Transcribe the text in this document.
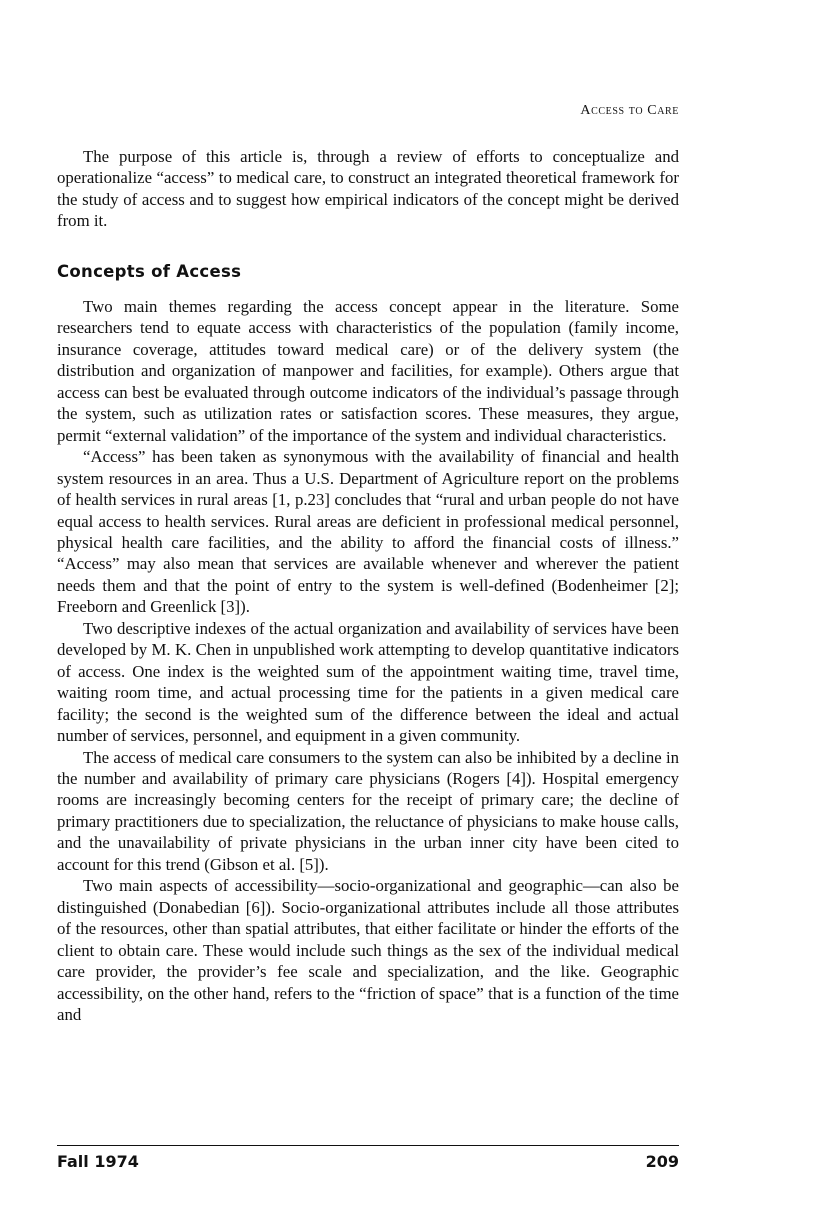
Access to Care

The purpose of this article is, through a review of efforts to conceptualize and operationalize “access” to medical care, to construct an integrated theoretical framework for the study of access and to suggest how empirical indicators of the concept might be derived from it.

Concepts of Access

Two main themes regarding the access concept appear in the literature. Some researchers tend to equate access with characteristics of the population (family income, insurance coverage, attitudes toward medical care) or of the delivery system (the distribution and organization of manpower and facilities, for example). Others argue that access can best be evaluated through outcome indicators of the individual’s passage through the system, such as utilization rates or satisfaction scores. These measures, they argue, permit “external validation” of the importance of the system and individual characteristics.

“Access” has been taken as synonymous with the availability of financial and health system resources in an area. Thus a U.S. Department of Agriculture report on the problems of health services in rural areas [1, p.23] concludes that “rural and urban people do not have equal access to health services. Rural areas are deficient in professional medical personnel, physical health care facilities, and the ability to afford the financial costs of illness.” “Access” may also mean that services are available whenever and wherever the patient needs them and that the point of entry to the system is well-defined (Bodenheimer [2]; Freeborn and Greenlick [3]).

Two descriptive indexes of the actual organization and availability of services have been developed by M. K. Chen in unpublished work attempting to develop quantitative indicators of access. One index is the weighted sum of the appointment waiting time, travel time, waiting room time, and actual processing time for the patients in a given medical care facility; the second is the weighted sum of the difference between the ideal and actual number of services, personnel, and equipment in a given community.

The access of medical care consumers to the system can also be inhibited by a decline in the number and availability of primary care physicians (Rogers [4]). Hospital emergency rooms are increasingly becoming centers for the receipt of primary care; the decline of primary practitioners due to specialization, the reluctance of physicians to make house calls, and the unavailability of private physicians in the urban inner city have been cited to account for this trend (Gibson et al. [5]).

Two main aspects of accessibility—socio-organizational and geographic—can also be distinguished (Donabedian [6]). Socio-organizational attributes include all those attributes of the resources, other than spatial attributes, that either facilitate or hinder the efforts of the client to obtain care. These would include such things as the sex of the individual medical care provider, the provider’s fee scale and specialization, and the like. Geographic accessibility, on the other hand, refers to the “friction of space” that is a function of the time and

Fall 1974	209
